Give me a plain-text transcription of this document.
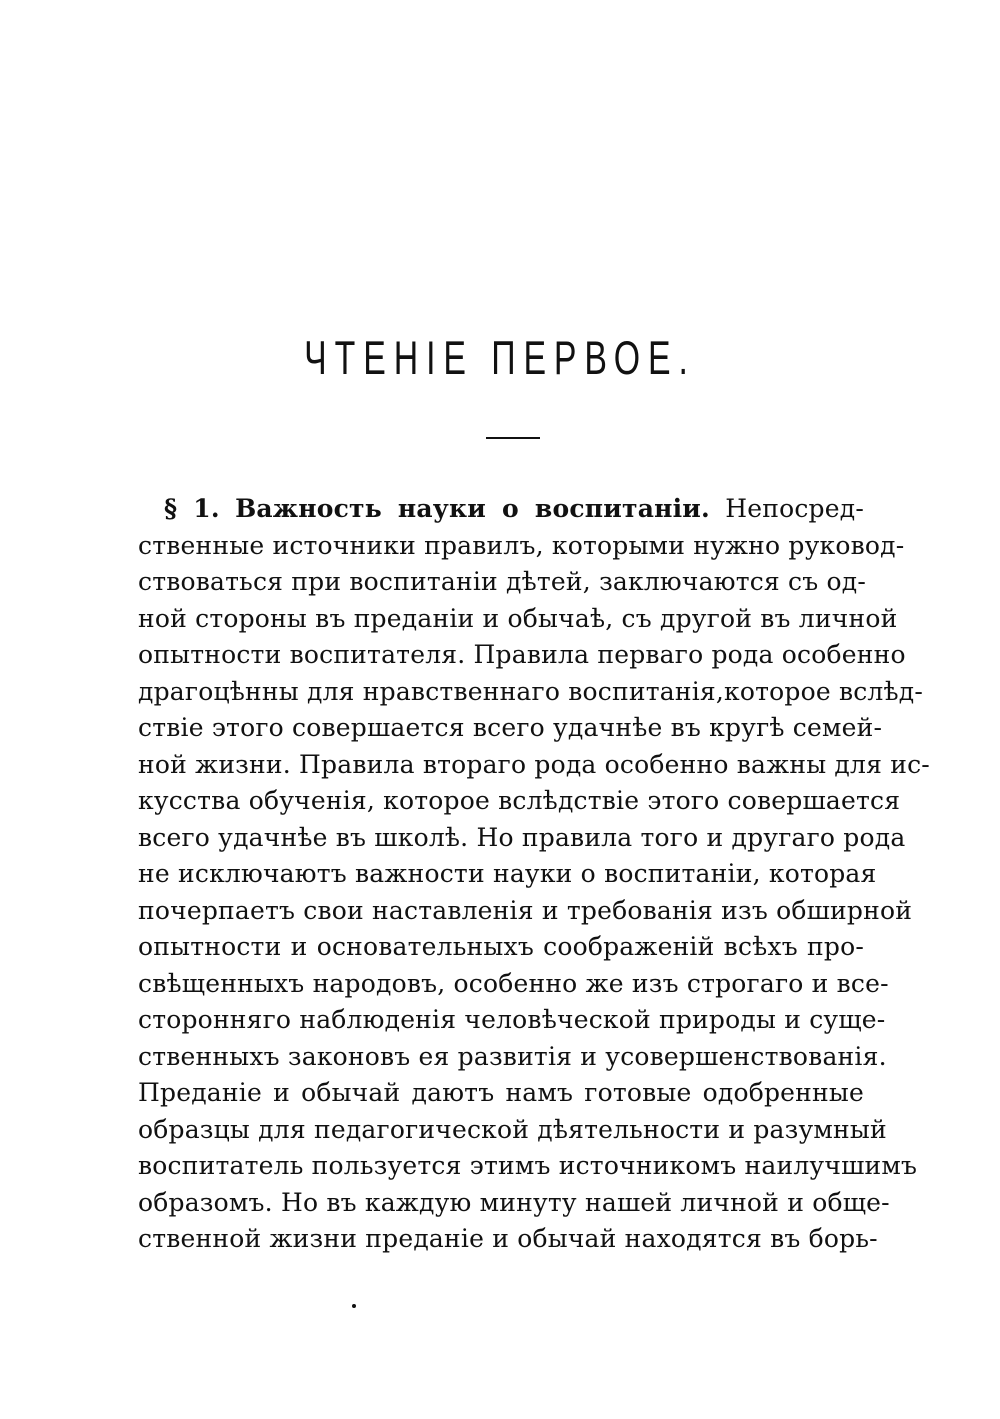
ЧТЕНІЕ ПЕРВОЕ.
§ 1. Важность науки о воспитаніи. Непосред-
ственные источники правилъ, которыми нужно руковод-
ствоваться при воспитаніи дѣтей, заключаются съ од-
ной стороны въ преданіи и обычаѣ, съ другой въ личной
опытности воспитателя. Правила перваго рода особенно
драгоцѣнны для нравственнаго воспитанія,которое вслѣд-
ствіе этого совершается всего удачнѣе въ кругѣ семей-
ной жизни. Правила втораго рода особенно важны для ис-
кусства обученія, которое вслѣдствіе этого совершается
всего удачнѣе въ школѣ. Но правила того и другаго рода
не исключаютъ важности науки о воспитаніи, которая
почерпаетъ свои наставленія и требованія изъ обширной
опытности и основательныхъ соображеній всѣхъ про-
свѣщенныхъ народовъ, особенно же изъ строгаго и все-
сторонняго наблюденія человѣческой природы и суще-
ственныхъ законовъ ея развитія и усовершенствованія.
Преданіе и обычай даютъ намъ готовые одобренные
образцы для педагогической дѣятельности и разумный
воспитатель пользуется этимъ источникомъ наилучшимъ
образомъ. Но въ каждую минуту нашей личной и обще-
ственной жизни преданіе и обычай находятся въ борь-
